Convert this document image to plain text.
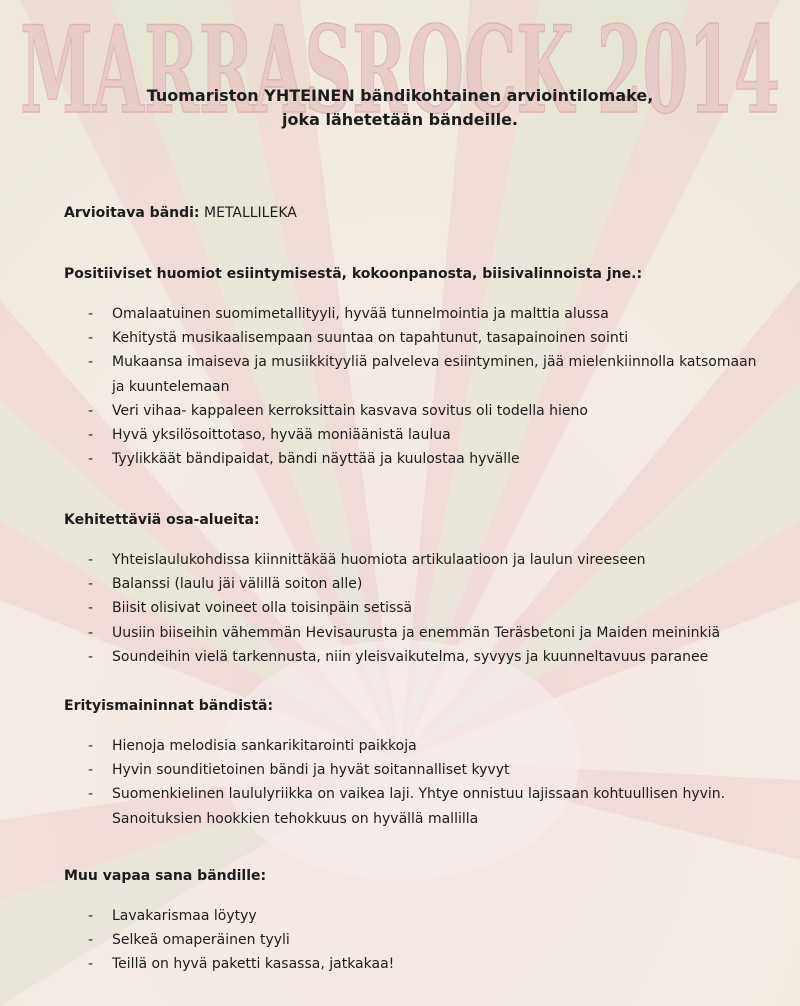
MARRASROCK 2014
Tuomariston YHTEINEN bändikohtainen arviointilomake,
joka lähetetään bändeille.
Arvioitava bändi: METALLILEKA
Positiiviset huomiot esiintymisestä, kokoonpanosta, biisivalinnoista jne.:
- Omalaatuinen suomimetallityyli, hyvää tunnelmointia ja malttia alussa
- Kehitystä musikaalisempaan suuntaa on tapahtunut, tasapainoinen sointi
- Mukaansa imaiseva ja musiikkityyliä palveleva esiintyminen, jää mielenkiinnolla katsomaan ja kuuntelemaan
- Veri vihaa- kappaleen kerroksittain kasvava sovitus oli todella hieno
- Hyvä yksilösoittotaso, hyvää moniäänistä laulua
- Tyylikkäät bändipaidat, bändi näyttää ja kuulostaa hyvälle
Kehitettäviä osa-alueita:
- Yhteislaulukohdissa kiinnittäkää huomiota artikulaatioon ja laulun vireeseen
- Balanssi (laulu jäi välillä soiton alle)
- Biisit olisivat voineet olla toisinpäin setissä
- Uusiin biiseihin vähemmän Hevisaurusta ja enemmän Teräsbetoni ja Maiden meininkiä
- Soundeihin vielä tarkennusta, niin yleisvaikutelma, syvyys ja kuunneltavuus paranee
Erityismaininnat bändistä:
- Hienoja melodisia sankarikitarointi paikkoja
- Hyvin sounditietoinen bändi ja hyvät soitannalliset kyvyt
- Suomenkielinen laululyriikka on vaikea laji. Yhtye onnistuu lajissaan kohtuullisen hyvin. Sanoituksien hookkien tehokkuus on hyvällä mallilla
Muu vapaa sana bändille:
- Lavakarismaa löytyy
- Selkeä omaperäinen tyyli
- Teillä on hyvä paketti kasassa, jatkakaa!
